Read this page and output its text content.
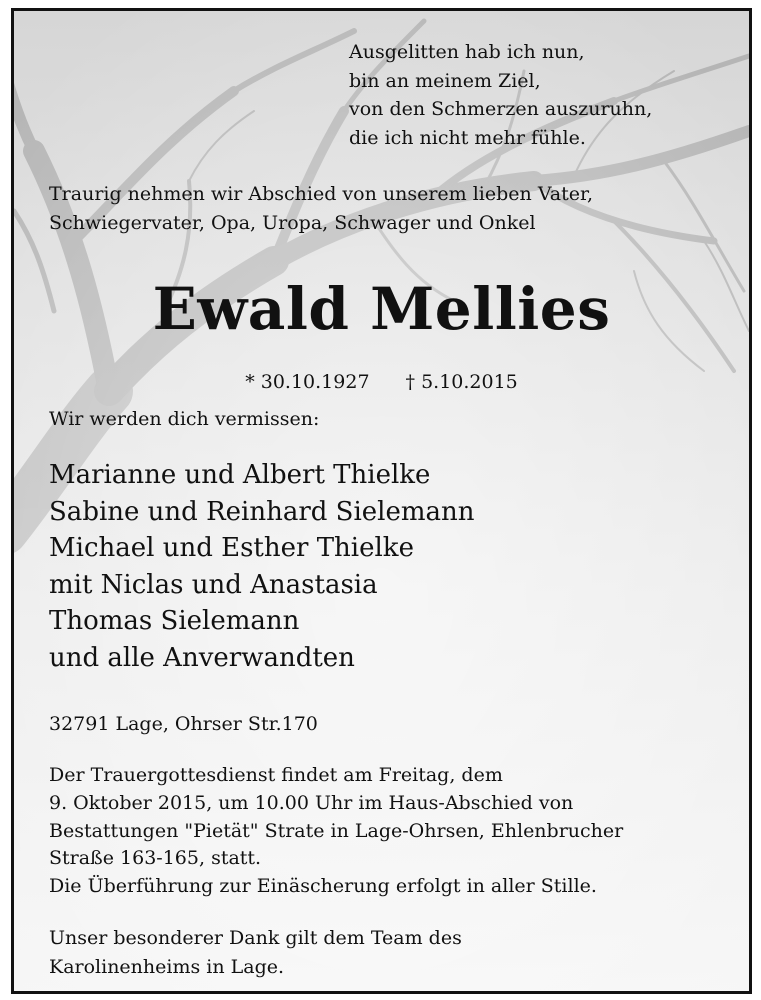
Ausgelitten hab ich nun,
bin an meinem Ziel,
von den Schmerzen auszuruhn,
die ich nicht mehr fühle.

Traurig nehmen wir Abschied von unserem lieben Vater,
Schwiegervater, Opa, Uropa, Schwager und Onkel

Ewald Mellies

* 30.10.1927 † 5.10.2015

Wir werden dich vermissen:

Marianne und Albert Thielke
Sabine und Reinhard Sielemann
Michael und Esther Thielke
mit Niclas und Anastasia
Thomas Sielemann
und alle Anverwandten

32791 Lage, Ohrser Str.170

Der Trauergottesdienst findet am Freitag, dem
9. Oktober 2015, um 10.00 Uhr im Haus-Abschied von
Bestattungen "Pietät" Strate in Lage-Ohrsen, Ehlenbrucher
Straße 163-165, statt.
Die Überführung zur Einäscherung erfolgt in aller Stille.

Unser besonderer Dank gilt dem Team des
Karolinenheims in Lage.
